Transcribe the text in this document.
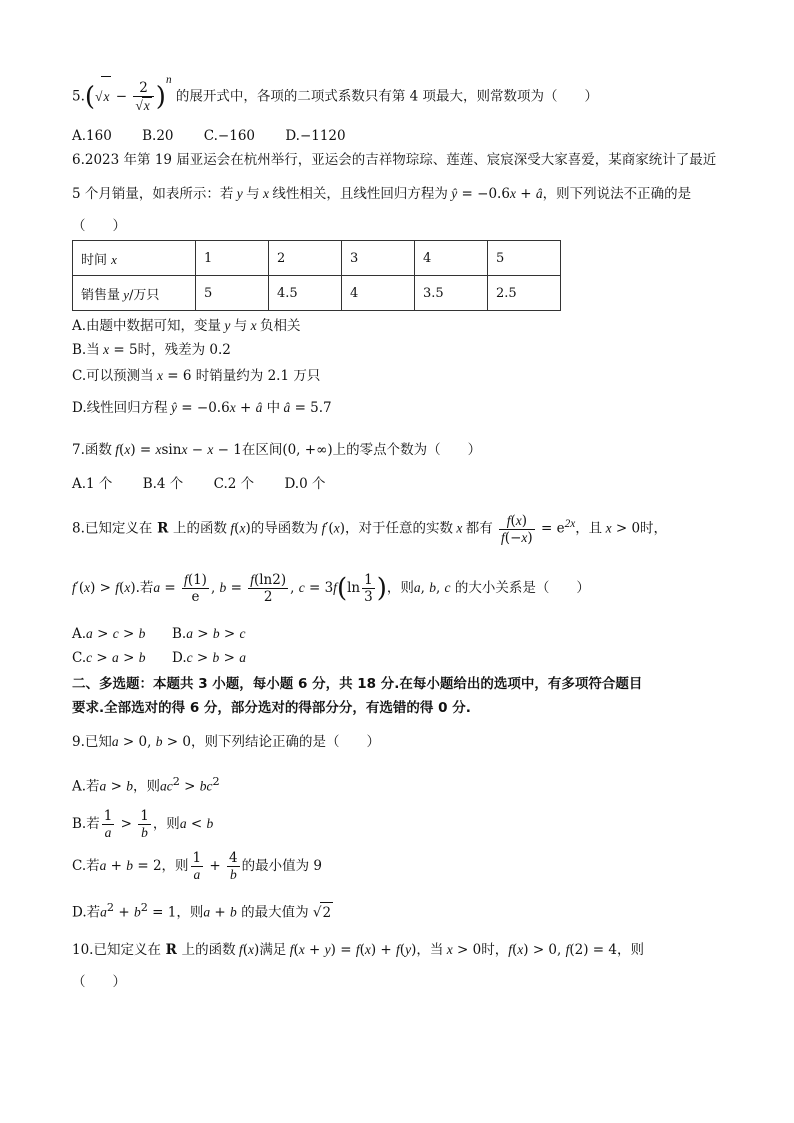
$5.(√x - \frac{2}{√x} )^n$ 的展开式中，各项的二项式系数只有第 4 项最大，则常数项为（　　）
A.160 B.20 C.−160 D.−1120
6.2023 年第 19 届亚运会在杭州举行，亚运会的吉祥物琮琮、莲莲、宸宸深受大家喜爱，某商家统计了最近
5 个月销量，如表所示：若 y 与 x 线性相关，且线性回归方程为 ŷ = −0.6x + â，则下列说法不正确的是
（　　）
时间 x	1	2	3	4	5
销售量 y/万只	5	4.5	4	3.5	2.5
A.由题中数据可知，变量 y 与 x 负相关
B.当 x = 5时，残差为 0.2
C.可以预测当 x = 6 时销量约为 2.1 万只
D.线性回归方程 ŷ = −0.6x + â 中 â = 5.7
7.函数 f(x) = xsinx − x − 1在区间(0, +∞)上的零点个数为（　　）
A.1 个 B.4 个 C.2 个 D.0 个
8.已知定义在 R 上的函数 f(x)的导函数为 f′(x)，对于任意的实数 x 都有 $\frac{f(x)}{f(-x)} = e^{2x}$，且 x > 0时，
f′(x) > f(x).若$a = \frac{f(1)}{e}$ , $b = \frac{f(\ln 2)}{2}$ , $c = 3f(\ln \frac{1}{3}$ )，则a, b, c 的大小关系是（　　）
A.a > c > b B.a > b > c
C.c > a > b D.c > b > a
二、多选题：本题共 3 小题，每小题 6 分，共 18 分.在每小题给出的选项中，有多项符合题目
要求.全部选对的得 6 分，部分选对的得部分分，有选错的得 0 分.
9.已知a > 0, b > 0，则下列结论正确的是（　　）
A.若a > b，则$ac^2 > bc^2$
B.若 $\frac{1}{a} > \frac{1}{b}$ ，则a < b
C.若a + b = 2，则 $\frac{1}{a} + \frac{4}{b}$ 的最小值为 9
D.若$a^2 + b^2 = 1$，则a + b 的最大值为 √2
10.已知定义在 R 上的函数 f(x)满足 f(x + y) = f(x) + f(y)，当 x > 0时，f(x) > 0, f(2) = 4，则
（　　）
